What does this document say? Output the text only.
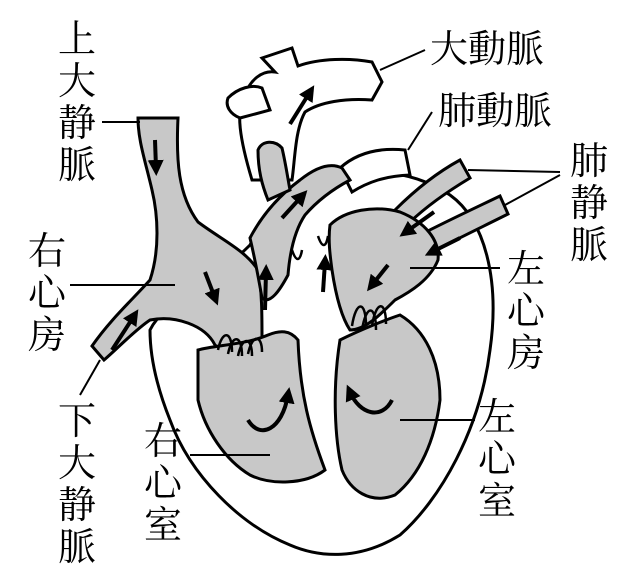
大動脈
肺動脈
肺静脈
上大静脈
右心房
下大静脈
右心室
左心房
左心室
